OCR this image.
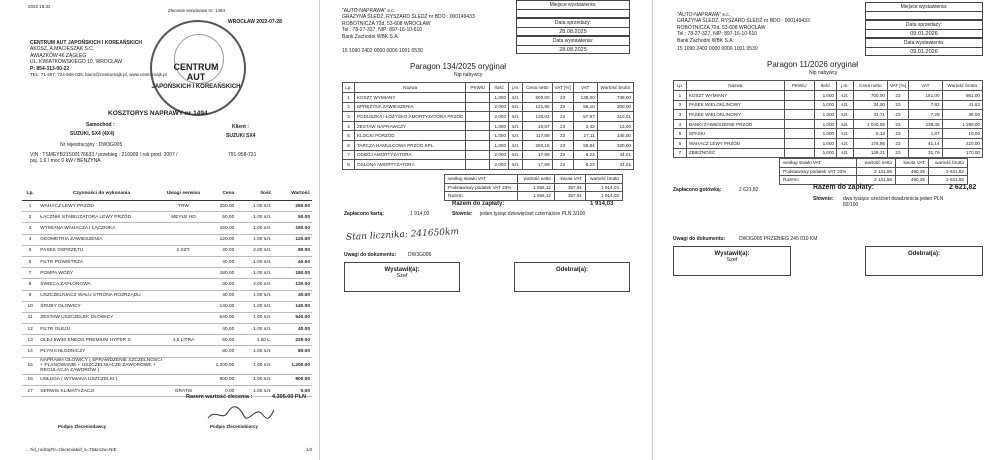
2022 15:32
Zlecenie serwisowe nr: 1494
WROCŁAW 2022-07-28
CENTRUM AUT JAPOŃSKICH I KOREAŃSKICH
AKOSZ, A.MACIESZAK S.C.
AWIĄZKÓW 46 ZĄGŁEG
UL. KWIATKOWSKIEGO 10, WROCŁAW
P: 854-313-00-22
TEL: 71-457, 724-948-035, biuro@centrumajk.pl, www.centrumajk.pl
CENTRUM
AUT
JAPOŃSKICH I KOREAŃSKICH
KOSZTORYS NAPRAWY nr 1494
Samochód :
SUZUKI, SX4 (4X4)
Nr rejestracyjny : DW3G005
VIN : TSMEYB21S00176633 / przebieg : 216909 / rok prod. 2007 / poj. 1.6 / moc 0 kW / BENZYNA
Klient :
SUZUKI SX4
791-958-721
Lp.	Czynności do wykonania	Uwagi serwisu	Cena	Ilość	Wartość
1	WAHACZ LEWY PRZÓD	TRW	250.00	1.00 szt.	250.00
2	ŁĄCZNIK STABILIZATORA LEWY PRZÓD	MEYLE HD	50.00	1.00 szt.	50.00
3	WYMIANA WAHACZA I ŁĄCZNIKA		150.00	1.00 szt.	150.00
4	GEOMETRIA ZAWIESZENIA		120.00	1.00 szt.	120.00
5	PASEK OSPRZĘTU	2 SZT.	40.00	2.00 szt.	80.00
6	FILTR POWIETRZA		40.00	1.00 szt.	40.00
7	POMPA WODY		180.00	1.00 szt.	180.00
8	ŚWIECA ZAPŁONOWA		30.00	4.00 szt.	120.00
9	USZCZELNIACZ WAŁU STRONA ROZRZĄDU		40.00	1.00 szt.	40.00
10	ŚRUBY GŁOWICY		140.00	1.00 szt.	140.00
11	ZESTAW USZCZELEK GŁOWICY		540.00	1.00 szt.	540.00
12	FILTR OLEJU		40.00	1.00 szt.	40.00
13	OLEJ 5W30 ENEOS PREMIUM HYPER S	4,5 LITRA	50.00	4.50 L.	225.00
14	PŁYN CHŁODNICZY		80.00	1.00 szt.	80.00
15	NAPRAWA GŁOWICY ( SPRAWDZENIE SZCZELNOŚCI + PLANOWANIE + USZCZELNIACZE ZAWOROWE + REGULACJA ZAWORÓW )		1,200.00	1.00 szt.	1,200.00
16	USŁUGA ( WYMIANA USZCZELKI )		900.00	1.00 szt.	900.00
17	SERWIS KLIMATYZACJI	GRATIS	0.00	1.00 szt.	0.00
Razem wartość zlecenia :	4,305.00 PLN
Podpis Zleceniodawcy	Podpis Zleceniobiorcy
...?id_rodzajFtr=zlecenie&id_s=76&rozw=NIE	1/2
"AUTO-NAPRAWA" s.c.
GRAŻYNA ŚLEDŹ, RYSZARD ŚLEDŹ nr BDO : 000149433
ROBOTNICZA 72d, 53-608 WROCŁAW
Tel.: 78-27-327, NIP: 897-16-10-610
Bank Zachodni WBK S.A.
15 1090 2402 0000 0006 1001 0530
Miejsce wystawienia:
Data sprzedaży:
28.08.2025
Data wystawienia:
28.08.2025
Paragon 134/2025 oryginał
Nip nabywcy
Lp.	Nazwa	PKWiU	Ilość	j.m.	Cena netto	VAT [%]	VAT	Wartość brutto
1	KOSZT WYMIANY		1,000	szt.	600,00	23	138,00	738,00
2	SPRĘŻYNA ZAWIESZENIA		2,000	szt.	121,95	23	56,10	300,00
3	PODUSZKA I ŁOŻYSKO AMORTYZATORA PRZÓD		2,000	szt.	126,02	23	57,97	310,01
4	ZESTAW NAPRAWCZY		1,000	szt.	10,57	23	2,43	13,00
5	KLOCKI PORZÓD		1,000	szt.	117,89	23	27,11	145,00
6	TARCZA HAMULCOWA PRZÓD KPL		1,000	szt.	260,16	23	59,84	320,00
7	ODBÓJ AMORTYZATORA		2,000	szt.	17,89	23	8,23	44,01
8	OSŁONA AMORTYZATORA		2,000	szt.	17,89	23	8,23	44,01
według stawki VAT	wartość netto	kwota VAT	wartość brutto
Podstawowy podatek VAT 23%	1 556,12	357,91	1 914,03
Razem:	1 556,12	357,91	1 914,03
Zapłacono kartą:	1 914,03
Razem do zapłaty:	1 914,03
Słownie: jeden tysiąc dziewięćset czternaście PLN 3/100
Stan licznika: 241650km
Uwagi do dokumentu: DW3G005
Wystawił(a):
Szef
Odebrał(a):
"AUTO-NAPRAWA" s.c.
GRAŻYNA ŚLEDŹ, RYSZARD ŚLEDŹ nr BDO : 000149433
ROBOTNICZA 72d, 53-608 WROCŁAW
Tel.: 78-27-327, NIP: 897-16-10-610
Bank Zachodni WBK S.A.
15 1090 2402 0000 0006 1001 0530
Miejsce wystawienia:
Data sprzedaży:
09.01.2026
Data wystawienia:
09.01.2026
Paragon 11/2026 oryginał
Nip nabywcy
Lp.	Nazwa	PKWiU	Ilość	j.m.	Cena netto	VAT [%]	VAT	Wartość brutto
1	KOSZT WYMIANY		1,000	szt.	700,00	23	161,00	861,00
2	PASEK WIELOKLINOWY		1,000	szt.	34,00	23	7,82	41,82
3	PASEK WIELOKLINOWY		1,000	szt.	31,71	23	7,29	39,00
4	BANKI ZAWIESZENIE PRZÓD		1,000	szt.	1 040,65	23	239,35	1 280,00
5	SPASKI		1,000	szt.	8,13	23	1,87	10,00
6	WAHACZ LEWY PRZÓD		1,000	szt.	178,86	23	41,14	220,00
7	ZBIEŻNOŚĆ		1,000	szt.	138,21	23	31,79	170,00
według stawki VAT	wartość netto	kwota VAT	wartość brutto
Podstawowy podatek VAT 23%	2 131,56	490,26	2 621,82
Razem:	2 131,56	490,26	2 621,82
Zapłacono gotówką:	2 621,82	Razem do zapłaty:	2 621,82
Słownie: dwa tysiące sześćset dwadzieścia jeden PLN 82/100
Uwagi do dokumentu:	DW3G005 PRZEBIEG 245 010 KM
Wystawił(a):
Szef
Odebrał(a):
